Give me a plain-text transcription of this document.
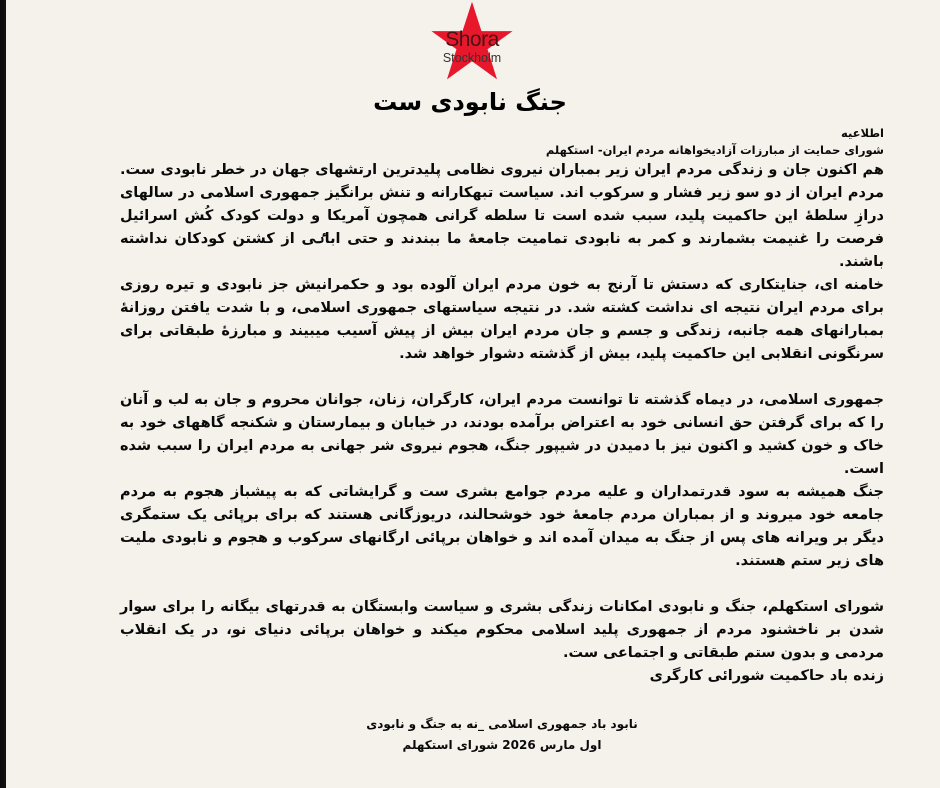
Shora
Stockholm
جنگ نابودی ست
اطلاعیه
شورای حمایت از مبارزات آزادیخواهانه مردم ایران- استکهلم

هم اکنون جان و زندگی مردم ایران زیر بمباران نیروی نظامی پلیدترین ارتشهای جهان در خطر نابودی ست. مردم ایران از دو سو زیر فشار و سرکوب اند. سیاست تبهکارانه و تنش برانگیز جمهوری اسلامی در سالهای درازِ سلطهٔ این حاکمیت پلید، سبب شده است تا سلطه گرانی همچون آمریکا و دولت کودک کُش اسرائیل فرصت را غنیمت بشمارند و کمر به نابودی تمامیت جامعهٔ ما ببندند و حتی اباٸی از کشتن کودکان نداشته باشند.

خامنه ای، جنایتکاری که دستش تا آرنج به خون مردم ایران آلوده بود و حکمرانیش جز نابودی و تیره روزی برای مردم ایران نتیجه ای نداشت کشته شد. در نتیجه سیاستهای جمهوری اسلامی، و با شدت یافتن روزانهٔ بمبارانهای همه جانبه، زندگی و جسم و جان مردم ایران بیش از پیش آسیب میبیند و مبارزهٔ طبقاتی برای سرنگونی انقلابی این حاکمیت پلید، بیش از گذشته دشوار خواهد شد.

جمهوری اسلامی، در دیماه گذشته تا توانست مردم ایران، کارگران، زنان، جوانان محروم و جان به لب و آنان را که برای گرفتن حق انسانی خود به اعتراض برآمده بودند، در خیابان و بیمارستان و شکنجه گاههای خود به خاک و خون کشید و اکنون نیز با دمیدن در شیپور جنگ، هجوم نیروی شر جهانی به مردم ایران را سبب شده است.

جنگ همیشه به سود قدرتمداران و علیه مردم جوامع بشری ست و گرایشاتی که به پیشباز هجوم به مردم جامعه خود میروند و از بمباران مردم جامعهٔ خود خوشحالند، دریوزگانی هستند که برای برپائی یک ستمگری دیگر بر ویرانه های پس از جنگ به میدان آمده اند و خواهان برپائی ارگانهای سرکوب و هجوم و نابودی ملیت های زیر ستم هستند.

شورای استکهلم، جنگ و نابودی امکانات زندگی بشری و سیاست وابستگان به قدرتهای بیگانه را برای سوار شدن بر ناخشنود مردم از جمهوری پلید اسلامی محکوم میکند و خواهان برپائی دنیای نو، در یک انقلاب مردمی و بدون ستم طبقاتی و اجتماعی ست.

زنده باد حاکمیت شورائی کارگری

نابود باد جمهوری اسلامی _نه به جنگ و نابودی
اول مارس 2026 شورای استکهلم
